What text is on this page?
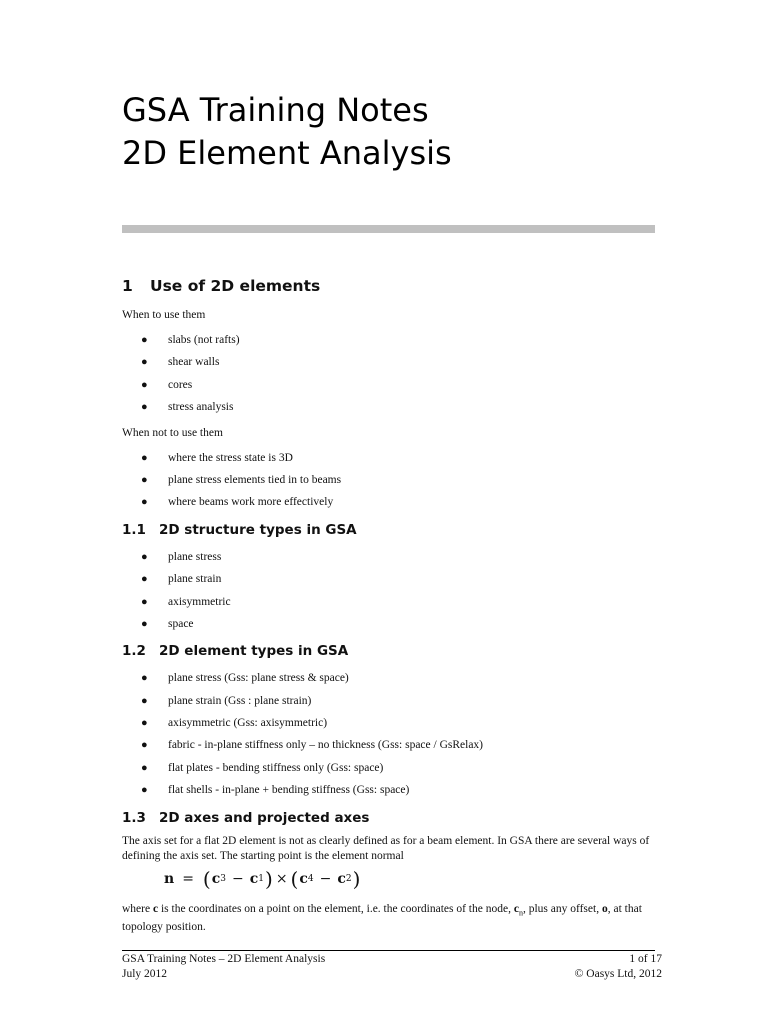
GSA Training Notes
2D Element Analysis
1	Use of 2D elements

When to use them

● slabs (not rafts)
● shear walls
● cores
● stress analysis

When not to use them

● where the stress state is 3D
● plane stress elements tied in to beams
● where beams work more effectively
1.1 2D structure types in GSA
● plane stress
● plane strain
● axisymmetric
● space
1.2 2D element types in GSA
● plane stress (Gss: plane stress & space)
● plane strain (Gss : plane strain)
● axisymmetric (Gss: axisymmetric)
● fabric - in-plane stiffness only – no thickness (Gss: space / GsRelax)
● flat plates - bending stiffness only (Gss: space)
● flat shells - in-plane + bending stiffness (Gss: space)
1.3 2D axes and projected axes

The axis set for a flat 2D element is not as clearly defined as for a beam element. In GSA there are several ways of defining the axis set. The starting point is the element normal

n = ( c 3 − c 1 ) × ( c 4 − c 2 )

where c is the coordinates on a point on the element, i.e. the coordinates of the node, $c_n$, plus any offset, o, at that topology position.

GSA Training Notes – 2D Element Analysis	1 of 17
July 2012	© Oasys Ltd, 2012
